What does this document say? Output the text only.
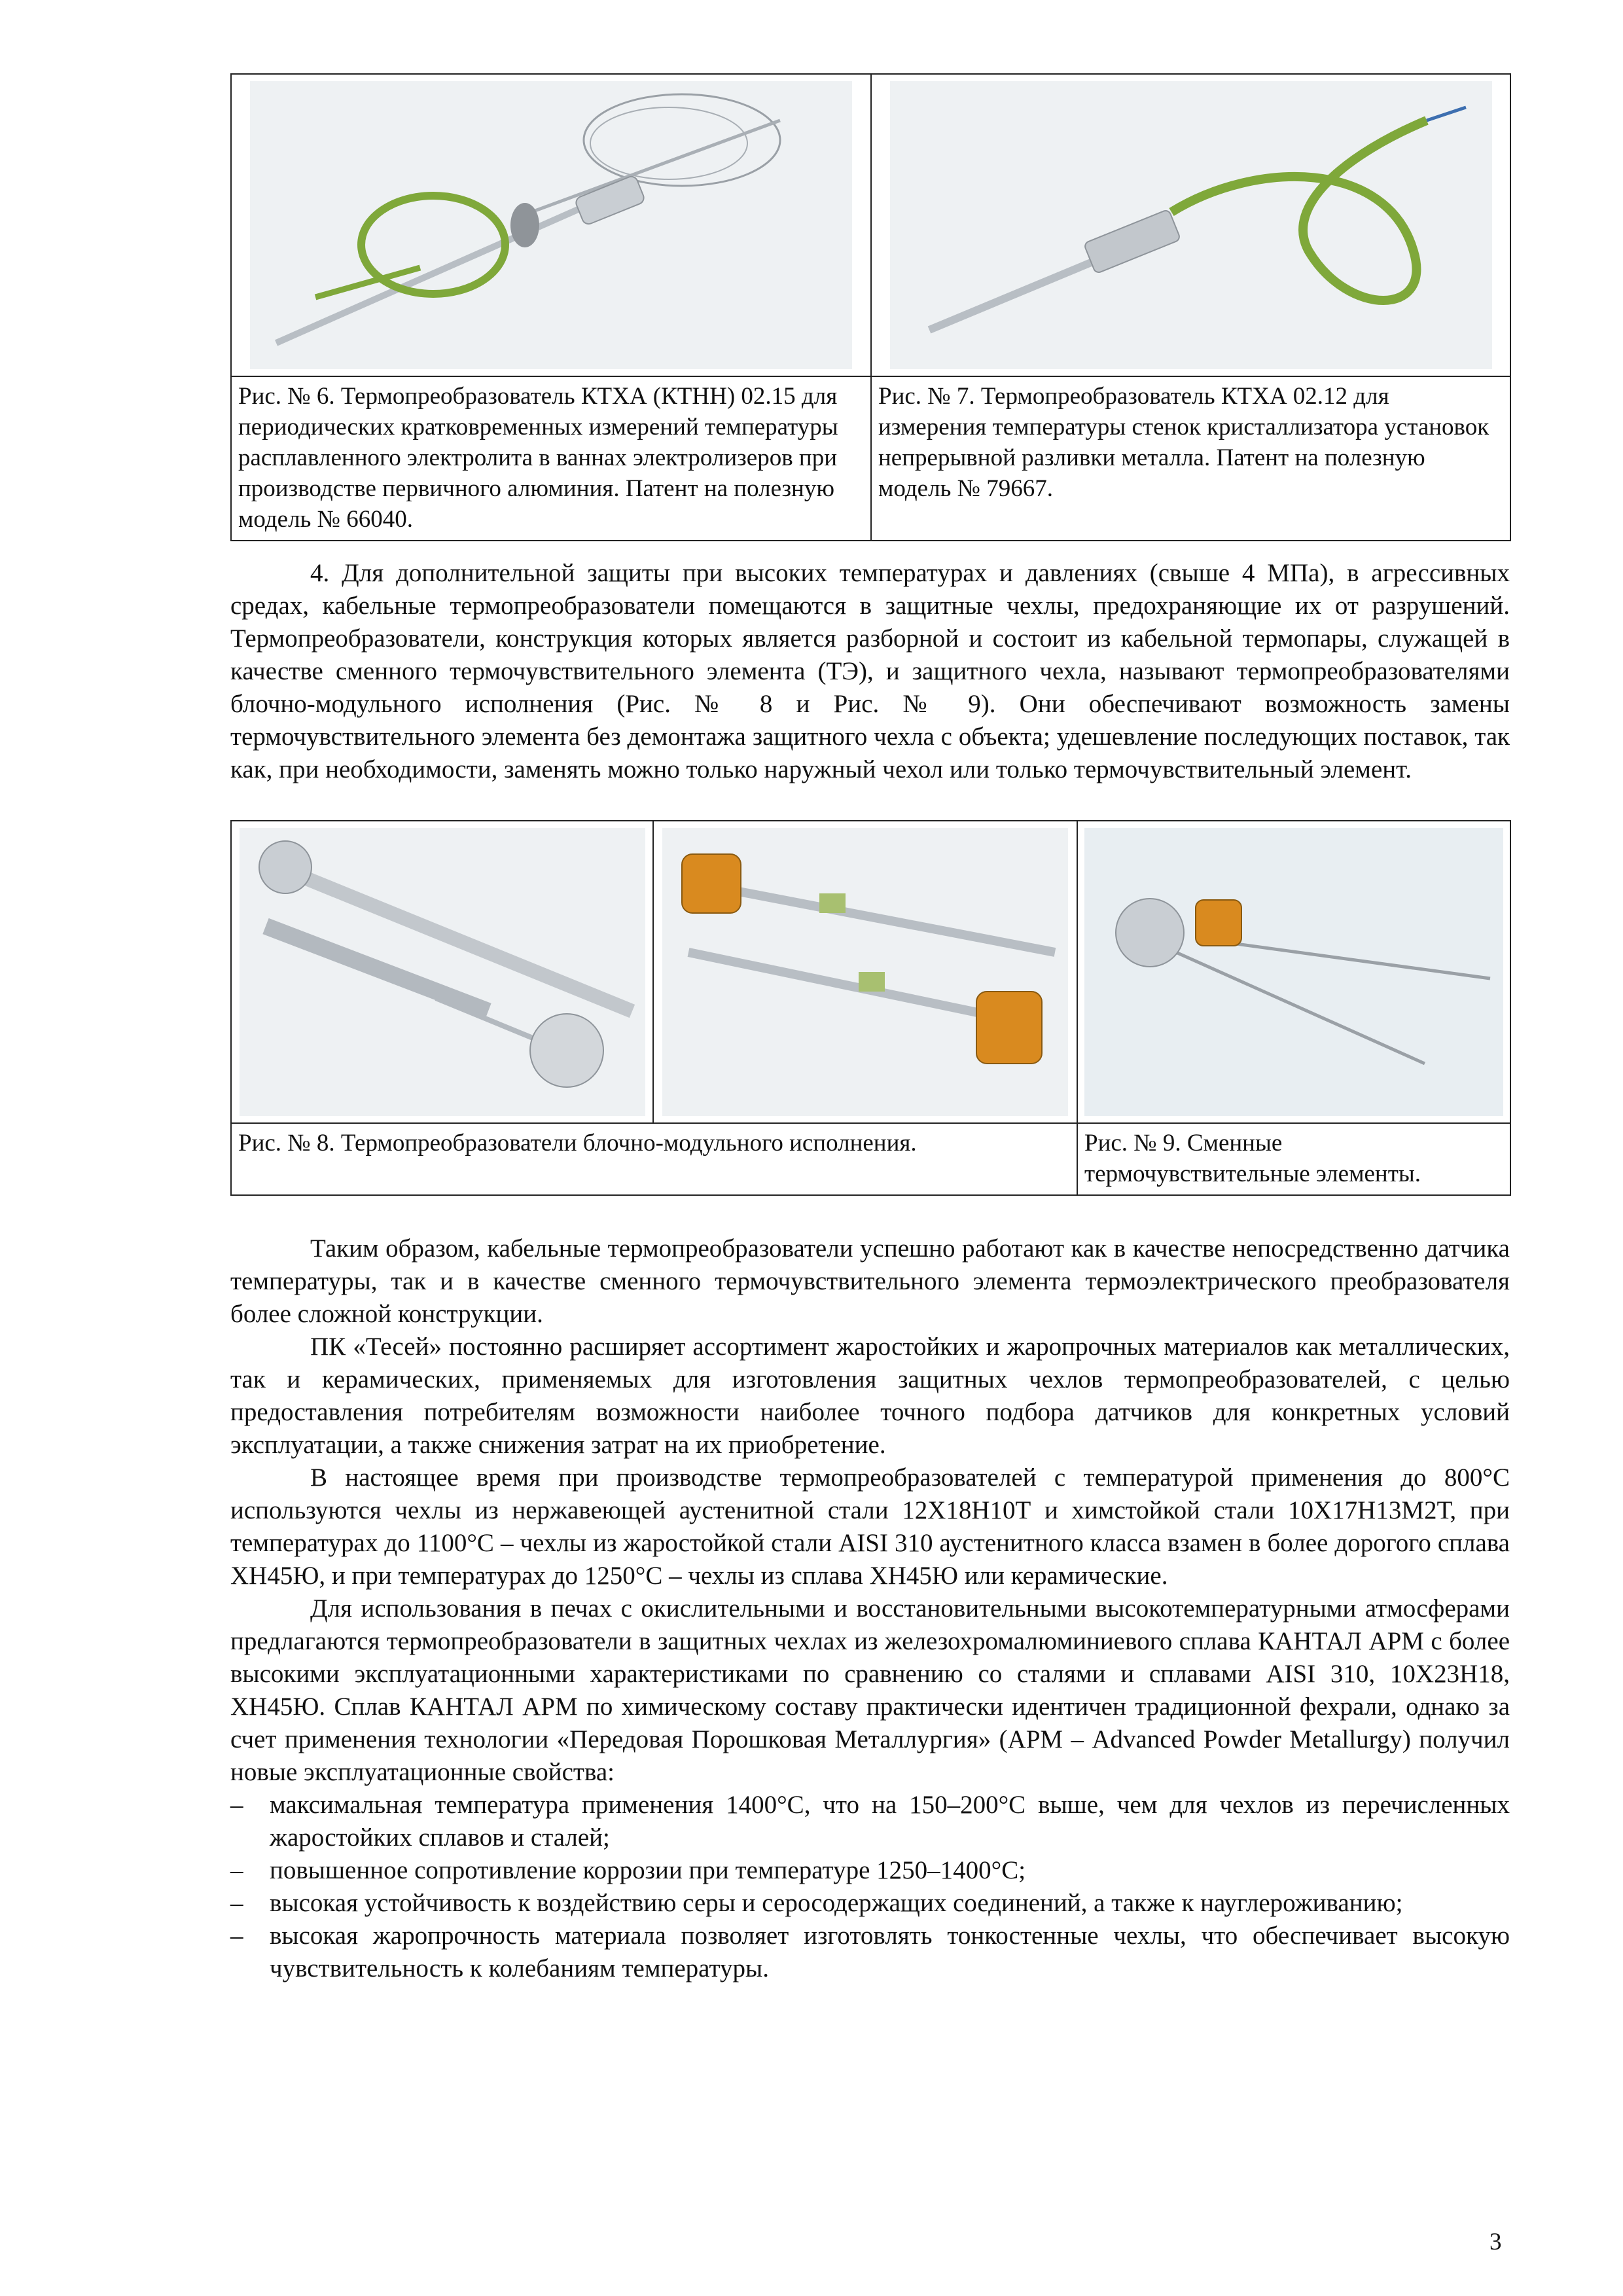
Рис. № 6. Термопреобразователь КТХА (КТНН) 02.15 для периодических кратковременных измерений температуры расплавленного электролита в ваннах электролизеров при производстве первичного алюминия. Патент на полезную модель № 66040.	Рис. № 7. Термопреобразователь КТХА 02.12 для измерения температуры стенок кристаллизатора установок непрерывной разливки металла. Патент на полезную модель № 79667.

4. Для дополнительной защиты при высоких температурах и давлениях (свыше 4 МПа), в агрессивных средах, кабельные термопреобразователи помещаются в защитные чехлы, предохраняющие их от разрушений. Термопреобразователи, конструкция которых является разборной и состоит из кабельной термопары, служащей в качестве сменного термочувствительного элемента (ТЭ), и защитного чехла, называют термопреобразователями блочно-модульного исполнения (Рис. № 8 и Рис. № 9). Они обеспечивают возможность замены термочувствительного элемента без демонтажа защитного чехла с объекта; удешевление последующих поставок, так как, при необходимости, заменять можно только наружный чехол или только термочувствительный элемент.

Рис. № 8. Термопреобразователи блочно-модульного исполнения.		Рис. № 9. Сменные термочувствительные элементы.

Таким образом, кабельные термопреобразователи успешно работают как в качестве непосредственно датчика температуры, так и в качестве сменного термочувствительного элемента термоэлектрического преобразователя более сложной конструкции.

ПК «Тесей» постоянно расширяет ассортимент жаростойких и жаропрочных материалов как металлических, так и керамических, применяемых для изготовления защитных чехлов термопреобразователей, с целью предоставления потребителям возможности наиболее точного подбора датчиков для конкретных условий эксплуатации, а также снижения затрат на их приобретение.

В настоящее время при производстве термопреобразователей с температурой применения до 800°С используются чехлы из нержавеющей аустенитной стали 12Х18Н10Т и химстойкой стали 10Х17Н13М2Т, при температурах до 1100°С – чехлы из жаростойкой стали AISI 310 аустенитного класса взамен в более дорогого сплава ХН45Ю, и при температурах до 1250°С – чехлы из сплава ХН45Ю или керамические.

Для использования в печах с окислительными и восстановительными высокотемпературными атмосферами предлагаются термопреобразователи в защитных чехлах из железохромалюминиевого сплава КАНТАЛ АРМ с более высокими эксплуатационными характеристиками по сравнению со сталями и сплавами AISI 310, 10Х23Н18, ХН45Ю. Сплав КАНТАЛ АРМ по химическому составу практически идентичен традиционной фехрали, однако за счет применения технологии «Передовая Порошковая Металлургия» (АРМ – Advanced Powder Metallurgy) получил новые эксплуатационные свойства:

– максимальная температура применения 1400°С, что на 150–200°С выше, чем для чехлов из перечисленных жаростойких сплавов и сталей;
– повышенное сопротивление коррозии при температуре 1250–1400°С;
– высокая устойчивость к воздействию серы и серосодержащих соединений, а также к науглероживанию;
– высокая жаропрочность материала позволяет изготовлять тонкостенные чехлы, что обеспечивает высокую чувствительность к колебаниям температуры.
3
